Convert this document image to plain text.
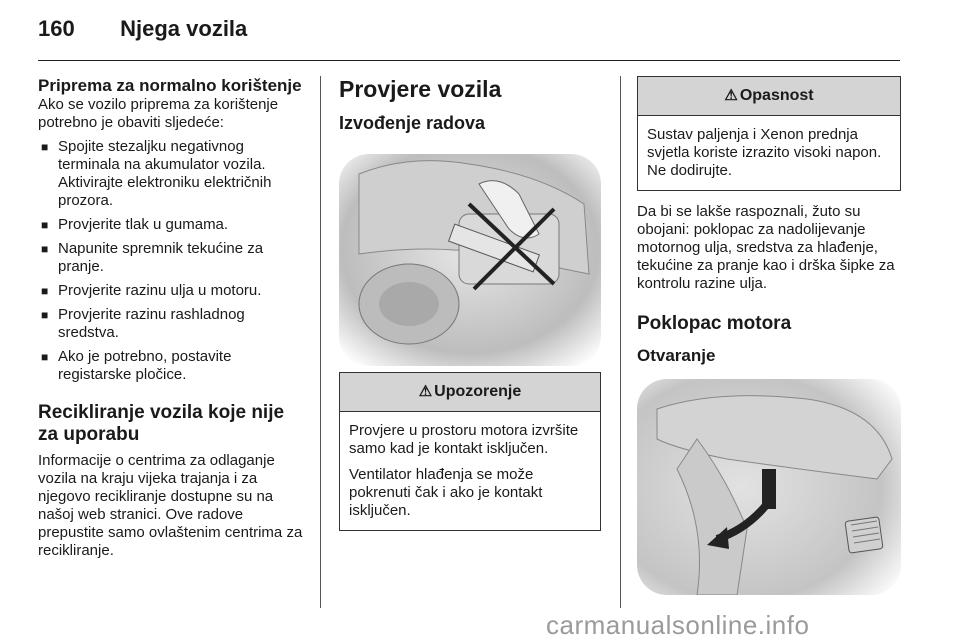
160 Njega vozila
Priprema za normalno korištenje

Ako se vozilo priprema za korištenje potrebno je obaviti sljedeće:

■ Spojite stezaljku negativnog terminala na akumulator vozila. Aktivirajte elektroniku električnih prozora.
■ Provjerite tlak u gumama.
■ Napunite spremnik tekućine za pranje.
■ Provjerite razinu ulja u motoru.
■ Provjerite razinu rashladnog sredstva.
■ Ako je potrebno, postavite registarske pločice.
Recikliranje vozila koje nije za uporabu

Informacije o centrima za odlaganje vozila na kraju vijeka trajanja i za njegovo recikliranje dostupne su na našoj web stranici. Ove radove prepustite samo ovlaštenim centrima za recikliranje.

Provjere vozila
Izvođenje radova
⚠ Upozorenje

Provjere u prostoru motora izvršite samo kad je kontakt isključen.

Ventilator hlađenja se može pokrenuti čak i ako je kontakt isključen.

⚠ Opasnost

Sustav paljenja i Xenon prednja svjetla koriste izrazito visoki napon. Ne dodirujte.

Da bi se lakše raspoznali, žuto su obojani: poklopac za nadolijevanje motornog ulja, sredstva za hlađenje, tekućine za pranje kao i drška šipke za kontrolu razine ulja.

Poklopac motora
Otvaranje
carmanualsonline.info
